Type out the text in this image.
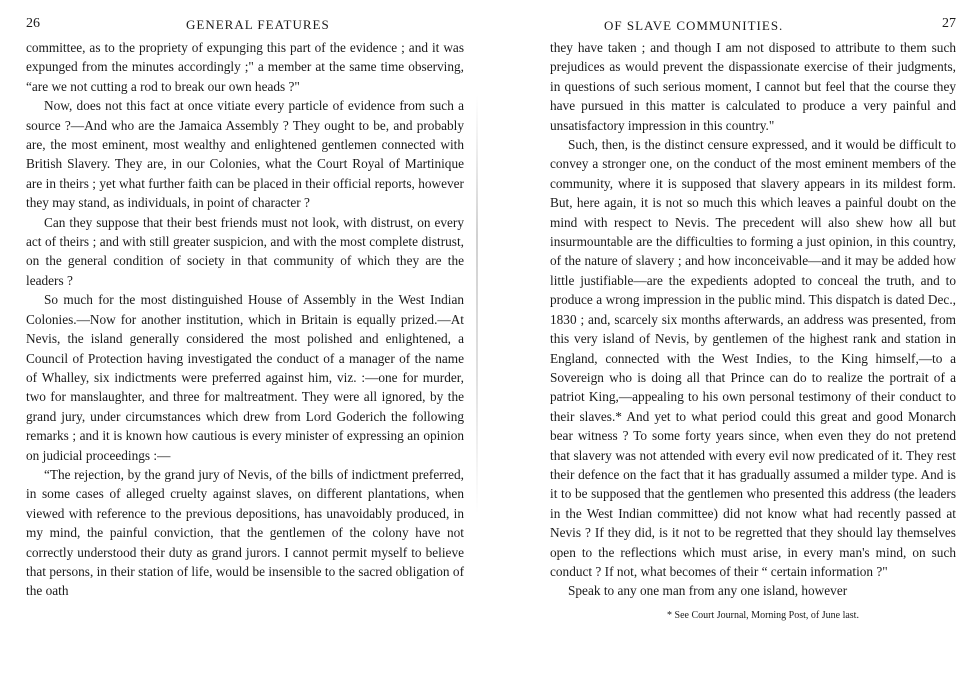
26	GENERAL FEATURES

committee, as to the propriety of expunging this part of the evidence ; and it was expunged from the minutes accordingly ;" a member at the same time observing, “are we not cutting a rod to break our own heads ?"

Now, does not this fact at once vitiate every particle of evidence from such a source ?—And who are the Jamaica Assembly ? They ought to be, and probably are, the most eminent, most wealthy and enlightened gentlemen connected with British Slavery. They are, in our Colonies, what the Court Royal of Martinique are in theirs ; yet what further faith can be placed in their official reports, however they may stand, as individuals, in point of character ?

Can they suppose that their best friends must not look, with distrust, on every act of theirs ; and with still greater suspicion, and with the most complete distrust, on the general condition of society in that community of which they are the leaders ?

So much for the most distinguished House of Assembly in the West Indian Colonies.—Now for another institution, which in Britain is equally prized.—At Nevis, the island generally considered the most polished and enlightened, a Council of Protection having investigated the conduct of a manager of the name of Whalley, six indictments were preferred against him, viz. :—one for murder, two for manslaughter, and three for maltreatment. They were all ignored, by the grand jury, under circumstances which drew from Lord Goderich the following remarks ; and it is known how cautious is every minister of expressing an opinion on judicial proceedings :—

“The rejection, by the grand jury of Nevis, of the bills of indictment preferred, in some cases of alleged cruelty against slaves, on different plantations, when viewed with reference to the previous depositions, has unavoidably produced, in my mind, the painful conviction, that the gentlemen of the colony have not correctly understood their duty as grand jurors. I cannot permit myself to believe that persons, in their station of life, would be insensible to the sacred obligation of the oath

OF SLAVE COMMUNITIES.	27

they have taken ; and though I am not disposed to attribute to them such prejudices as would prevent the dispassionate exercise of their judgments, in questions of such serious moment, I cannot but feel that the course they have pursued in this matter is calculated to produce a very painful and unsatisfactory impression in this country."

Such, then, is the distinct censure expressed, and it would be difficult to convey a stronger one, on the conduct of the most eminent members of the community, where it is supposed that slavery appears in its mildest form. But, here again, it is not so much this which leaves a painful doubt on the mind with respect to Nevis. The precedent will also shew how all but insurmountable are the difficulties to forming a just opinion, in this country, of the nature of slavery ; and how inconceivable—and it may be added how little justifiable—are the expedients adopted to conceal the truth, and to produce a wrong impression in the public mind. This dispatch is dated Dec., 1830 ; and, scarcely six months afterwards, an address was presented, from this very island of Nevis, by gentlemen of the highest rank and station in England, connected with the West Indies, to the King himself,—to a Sovereign who is doing all that Prince can do to realize the portrait of a patriot King,—appealing to his own personal testimony of their conduct to their slaves.* And yet to what period could this great and good Monarch bear witness ? To some forty years since, when even they do not pretend that slavery was not attended with every evil now predicated of it. They rest their defence on the fact that it has gradually assumed a milder type. And is it to be supposed that the gentlemen who presented this address (the leaders in the West Indian committee) did not know what had recently passed at Nevis ? If they did, is it not to be regretted that they should lay themselves open to the reflections which must arise, in every man's mind, on such conduct ? If not, what becomes of their “ certain information ?"

Speak to any one man from any one island, however

* See Court Journal, Morning Post, of June last.
